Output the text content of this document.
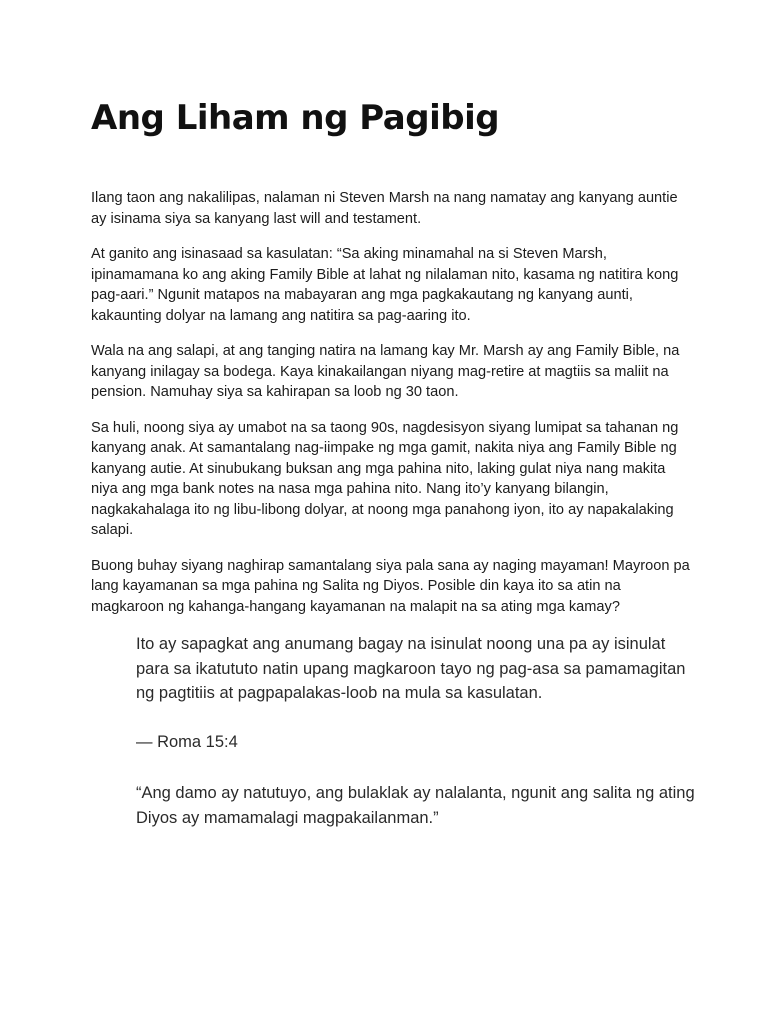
Ang Liham ng Pagibig

Ilang taon ang nakalilipas, nalaman ni Steven Marsh na nang namatay ang kanyang auntie ay isinama siya sa kanyang last will and testament.

At ganito ang isinasaad sa kasulatan: “Sa aking minamahal na si Steven Marsh, ipinamamana ko ang aking Family Bible at lahat ng nilalaman nito, kasama ng natitira kong pag-aari.” Ngunit matapos na mabayaran ang mga pagkakautang ng kanyang aunti, kakaunting dolyar na lamang ang natitira sa pag-aaring ito.

Wala na ang salapi, at ang tanging natira na lamang kay Mr. Marsh ay ang Family Bible, na kanyang inilagay sa bodega. Kaya kinakailangan niyang mag-retire at magtiis sa maliit na pension. Namuhay siya sa kahirapan sa loob ng 30 taon.

Sa huli, noong siya ay umabot na sa taong 90s, nagdesisyon siyang lumipat sa tahanan ng kanyang anak. At samantalang nag-iimpake ng mga gamit, nakita niya ang Family Bible ng kanyang autie. At sinubukang buksan ang mga pahina nito, laking gulat niya nang makita niya ang mga bank notes na nasa mga pahina nito. Nang ito’y kanyang bilangin, nagkakahalaga ito ng libu-libong dolyar, at noong mga panahong iyon, ito ay napakalaking salapi.

Buong buhay siyang naghirap samantalang siya pala sana ay naging mayaman! Mayroon pa lang kayamanan sa mga pahina ng Salita ng Diyos. Posible din kaya ito sa atin na magkaroon ng kahanga-hangang kayamanan na malapit na sa ating mga kamay?

Ito ay sapagkat ang anumang bagay na isinulat noong una pa ay isinulat para sa ikatututo natin upang magkaroon tayo ng pag-asa sa pamamagitan ng pagtitiis at pagpapalakas-loob na mula sa kasulatan.

— Roma 15:4

“Ang damo ay natutuyo, ang bulaklak ay nalalanta, ngunit ang salita ng ating Diyos ay mamamalagi magpakailanman.”
